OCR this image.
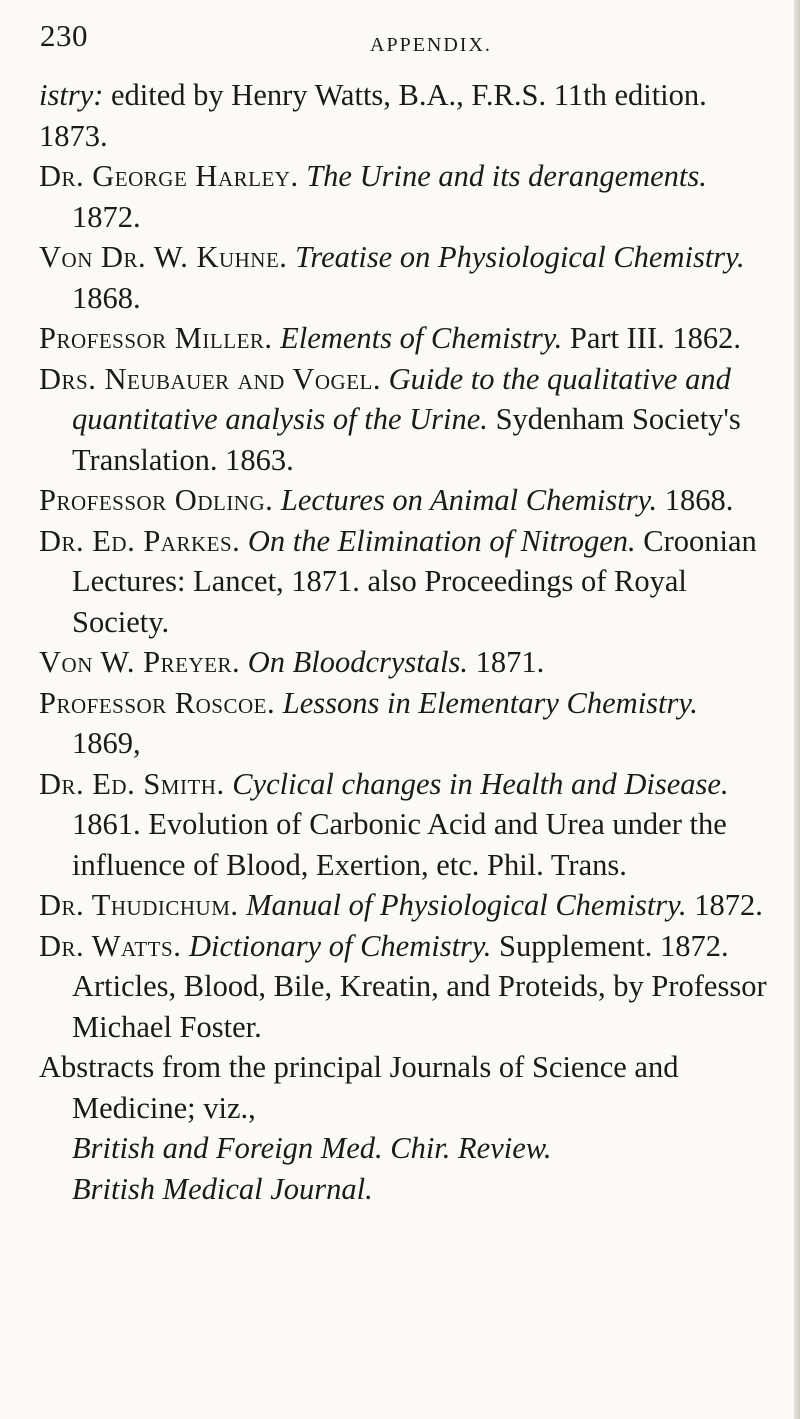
230	APPENDIX.

istry: edited by Henry Watts, B.A., F.R.S. 11th edition. 1873.

Dr. George Harley. The Urine and its derangements. 1872.

Von Dr. W. Kuhne. Treatise on Physiological Chemistry. 1868.

Professor Miller. Elements of Chemistry. Part III. 1862.

Drs. Neubauer and Vogel. Guide to the qualitative and quantitative analysis of the Urine. Sydenham Society's Translation. 1863.

Professor Odling. Lectures on Animal Chemistry. 1868.

Dr. Ed. Parkes. On the Elimination of Nitrogen. Croonian Lectures: Lancet, 1871. also Proceedings of Royal Society.

Von W. Preyer. On Bloodcrystals. 1871.

Professor Roscoe. Lessons in Elementary Chemistry. 1869,

Dr. Ed. Smith. Cyclical changes in Health and Disease. 1861. Evolution of Carbonic Acid and Urea under the influence of Blood, Exertion, etc. Phil. Trans.

Dr. Thudichum. Manual of Physiological Chemistry. 1872.

Dr. Watts. Dictionary of Chemistry. Supplement. 1872. Articles, Blood, Bile, Kreatin, and Proteids, by Professor Michael Foster.

Abstracts from the principal Journals of Science and Medicine; viz.,

British and Foreign Med. Chir. Review.

British Medical Journal.
